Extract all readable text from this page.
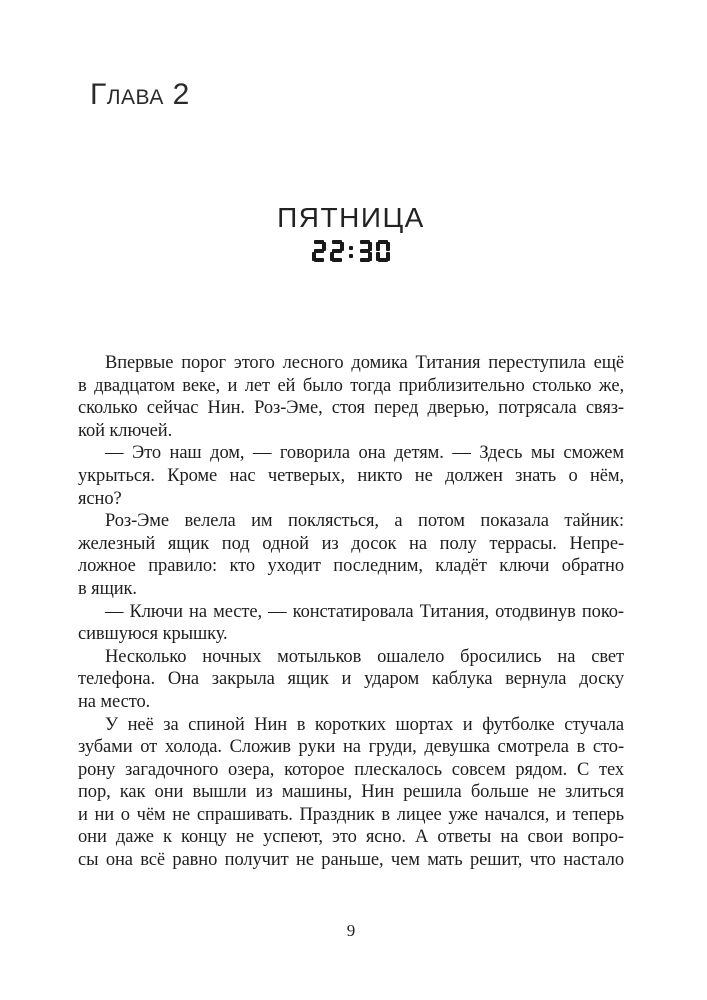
Глава 2
ПЯТНИЦА
Впервые порог этого лесного домика Титания переступила ещё
в двадцатом веке, и лет ей было тогда приблизительно столько же,
сколько сейчас Нин. Роз-Эме, стоя перед дверью, потрясала связ-
кой ключей.
— Это наш дом, — говорила она детям. — Здесь мы сможем
укрыться. Кроме нас четверых, никто не должен знать о нём,
ясно?
Роз-Эме велела им поклясться, а потом показала тайник:
железный ящик под одной из досок на полу террасы. Непре-
ложное правило: кто уходит последним, кладёт ключи обратно
в ящик.
— Ключи на месте, — констатировала Титания, отодвинув поко-
сившуюся крышку.
Несколько ночных мотыльков ошалело бросились на свет
телефона. Она закрыла ящик и ударом каблука вернула доску
на место.
У неё за спиной Нин в коротких шортах и футболке стучала
зубами от холода. Сложив руки на груди, девушка смотрела в сто-
рону загадочного озера, которое плескалось совсем рядом. С тех
пор, как они вышли из машины, Нин решила больше не злиться
и ни о чём не спрашивать. Праздник в лицее уже начался, и теперь
они даже к концу не успеют, это ясно. А ответы на свои вопро-
сы она всё равно получит не раньше, чем мать решит, что настало
9
